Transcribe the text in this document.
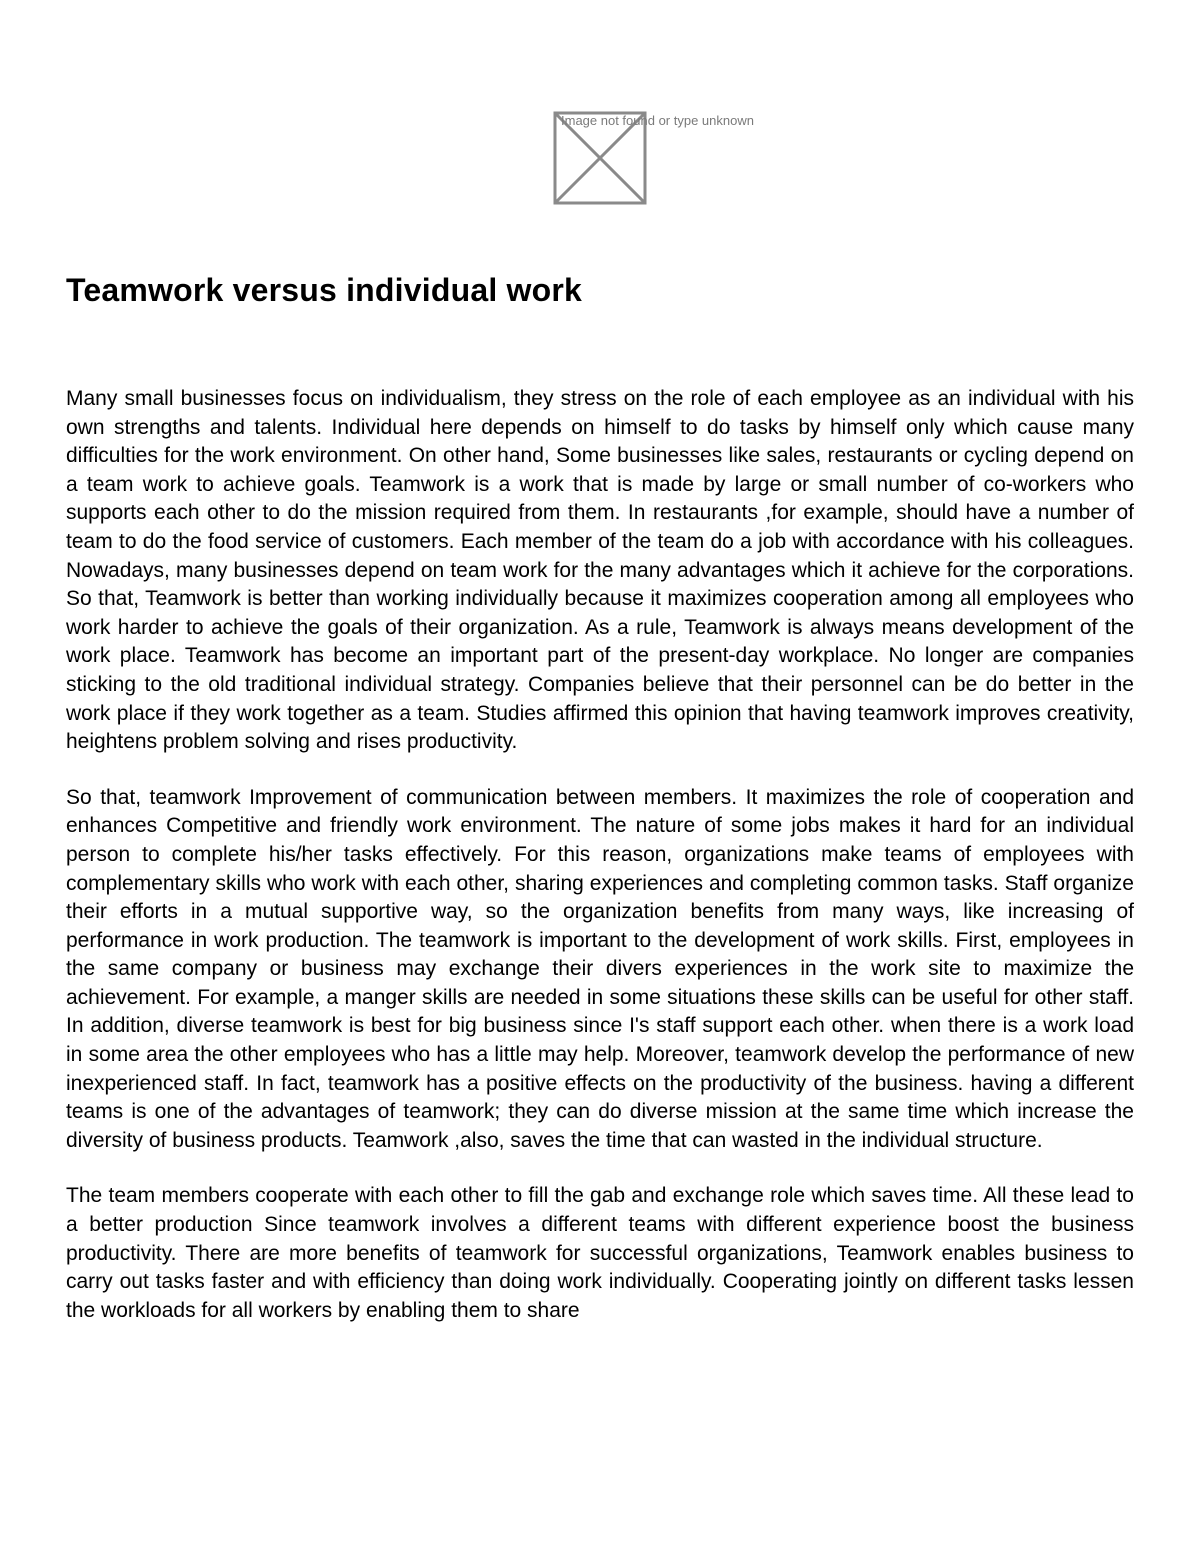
Image not found or type unknown
Teamwork versus individual work

Many small businesses focus on individualism, they stress on the role of each employee as an individual with his own strengths and talents. Individual here depends on himself to do tasks by himself only which cause many difficulties for the work environment. On other hand, Some businesses like sales, restaurants or cycling depend on a team work to achieve goals. Teamwork is a work that is made by large or small number of co-workers who supports each other to do the mission required from them. In restaurants ,for example, should have a number of team to do the food service of customers. Each member of the team do a job with accordance with his colleagues. Nowadays, many businesses depend on team work for the many advantages which it achieve for the corporations. So that, Teamwork is better than working individually because it maximizes cooperation among all employees who work harder to achieve the goals of their organization. As a rule, Teamwork is always means development of the work place. Teamwork has become an important part of the present-day workplace. No longer are companies sticking to the old traditional individual strategy. Companies believe that their personnel can be do better in the work place if they work together as a team. Studies affirmed this opinion that having teamwork improves creativity, heightens problem solving and rises productivity.

So that, teamwork Improvement of communication between members. It maximizes the role of cooperation and enhances Competitive and friendly work environment. The nature of some jobs makes it hard for an individual person to complete his/her tasks effectively. For this reason, organizations make teams of employees with complementary skills who work with each other, sharing experiences and completing common tasks. Staff organize their efforts in a mutual supportive way, so the organization benefits from many ways, like increasing of performance in work production. The teamwork is important to the development of work skills. First, employees in the same company or business may exchange their divers experiences in the work site to maximize the achievement. For example, a manger skills are needed in some situations these skills can be useful for other staff. In addition, diverse teamwork is best for big business since I's staff support each other. when there is a work load in some area the other employees who has a little may help. Moreover, teamwork develop the performance of new inexperienced staff. In fact, teamwork has a positive effects on the productivity of the business. having a different teams is one of the advantages of teamwork; they can do diverse mission at the same time which increase the diversity of business products. Teamwork ,also, saves the time that can wasted in the individual structure.

The team members cooperate with each other to fill the gab and exchange role which saves time. All these lead to a better production Since teamwork involves a different teams with different experience boost the business productivity. There are more benefits of teamwork for successful organizations, Teamwork enables business to carry out tasks faster and with efficiency than doing work individually. Cooperating jointly on different tasks lessen the workloads for all workers by enabling them to share
